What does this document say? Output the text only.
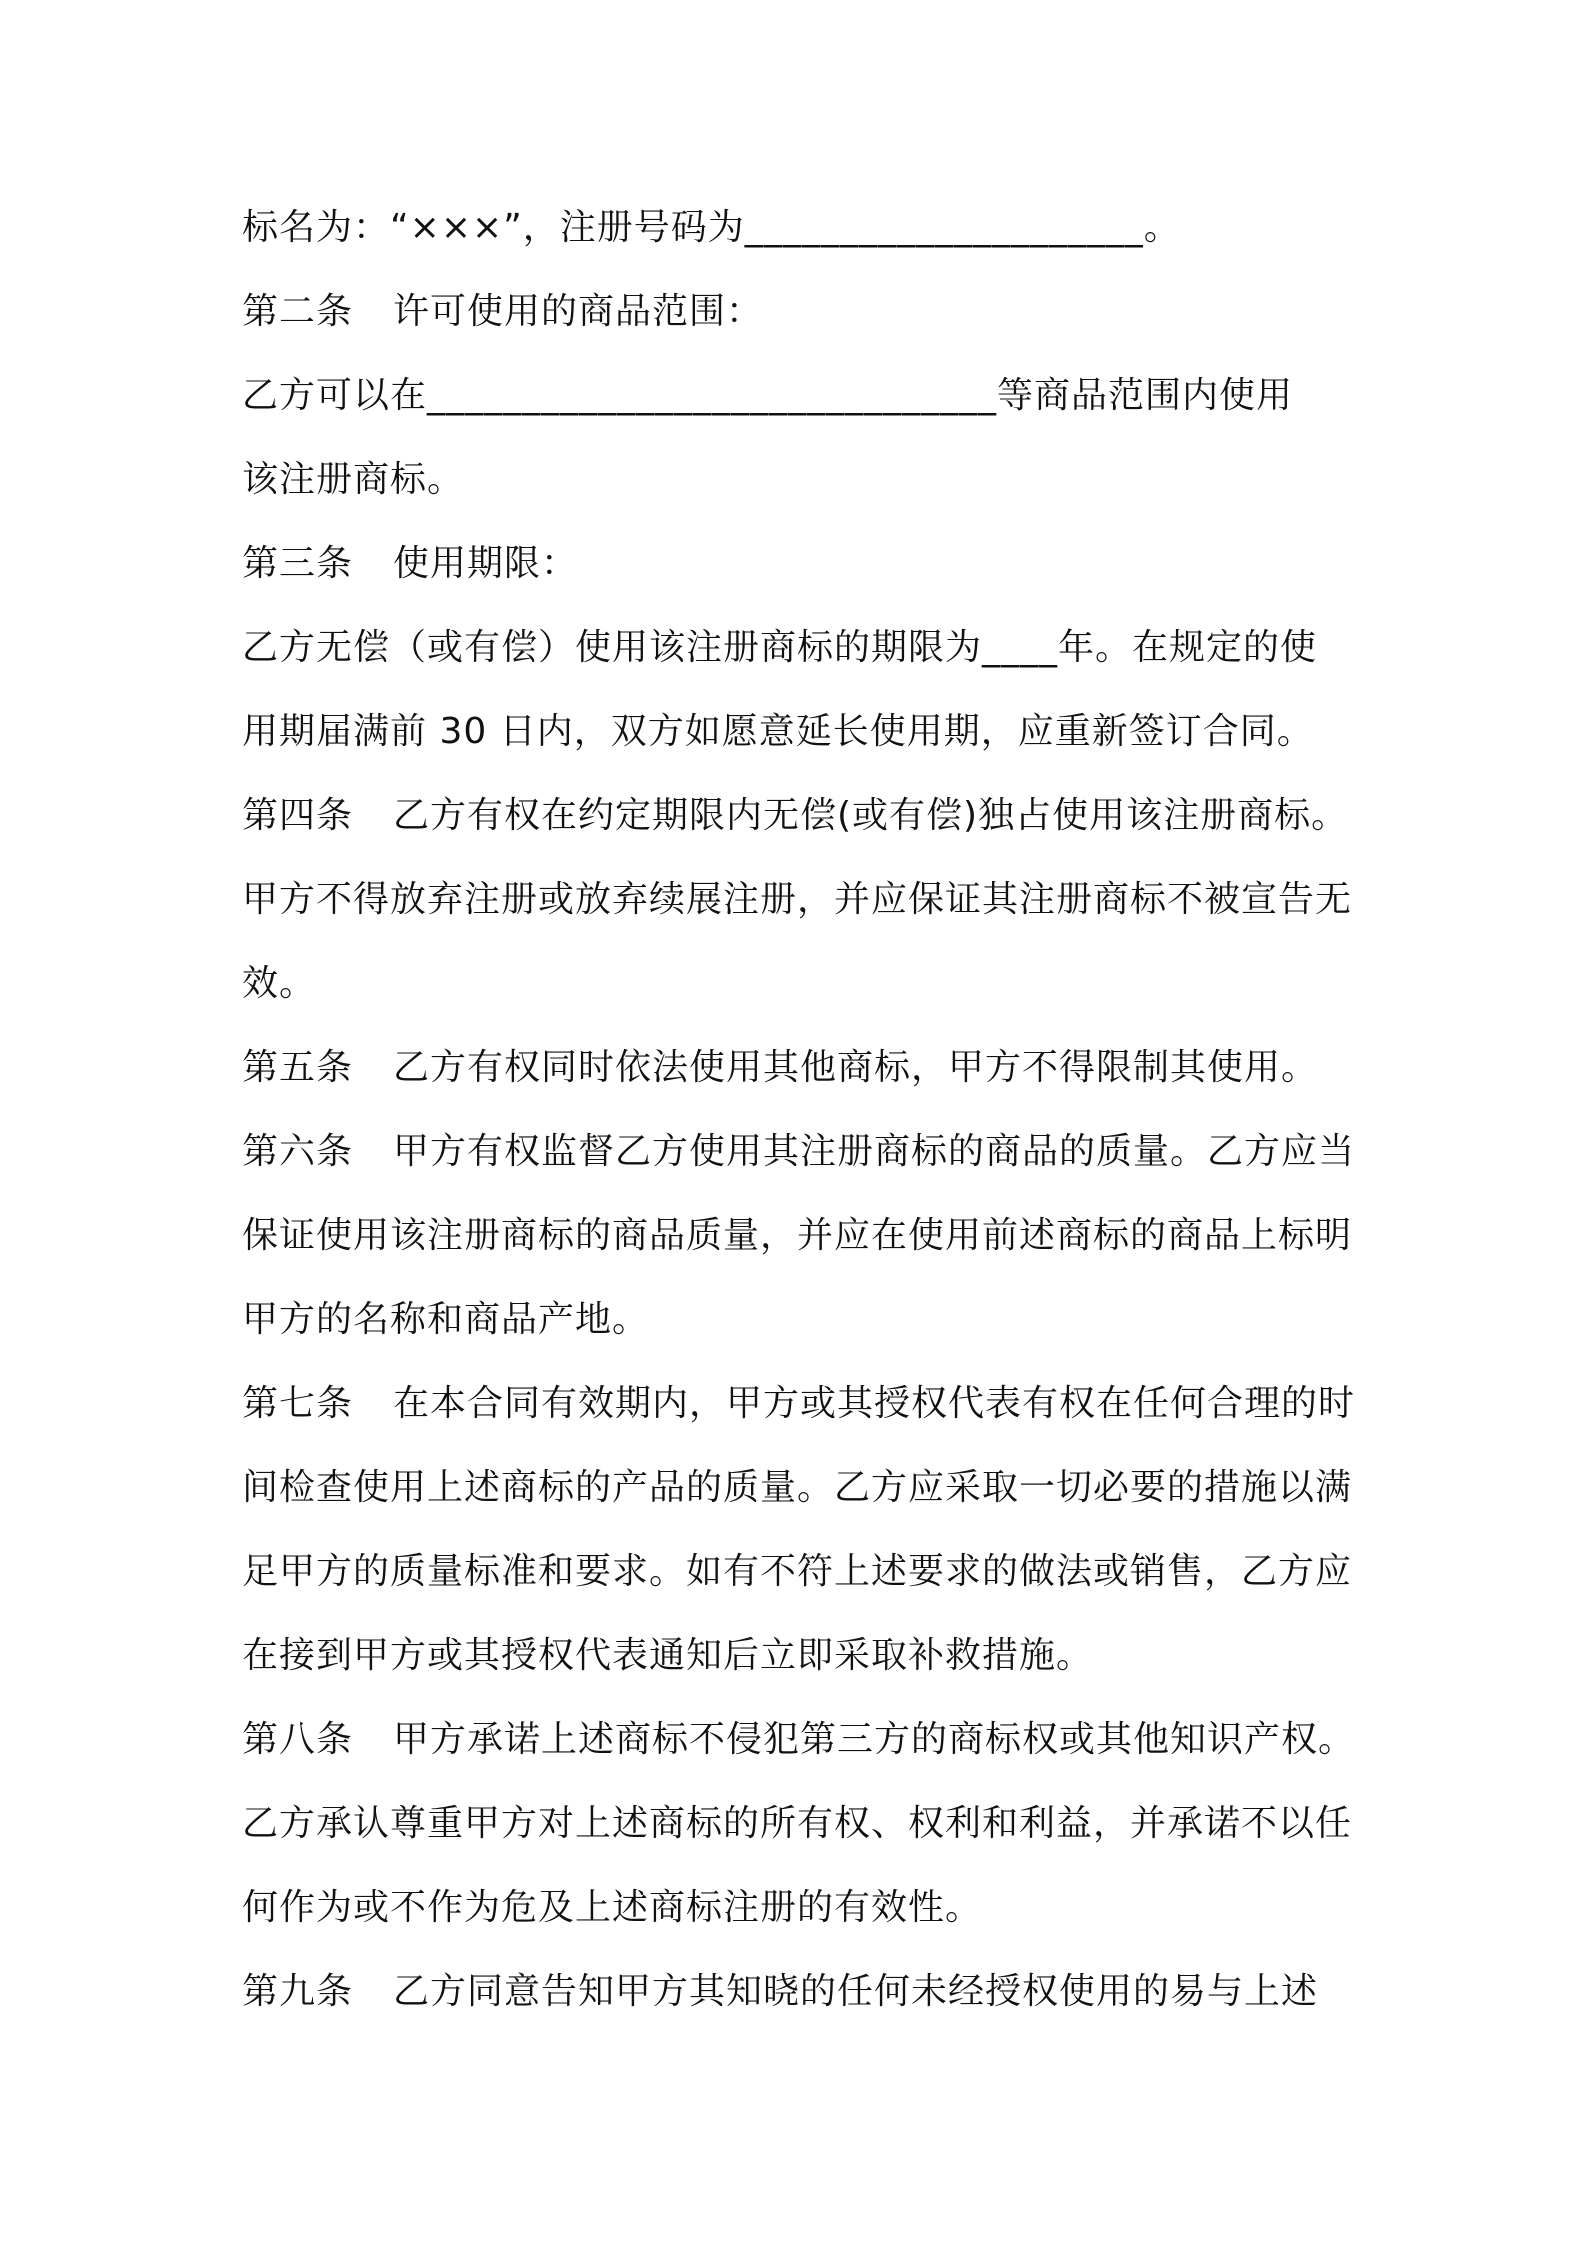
标名为：“×××”，注册号码为_____________________。
第二条 许可使用的商品范围：
乙方可以在______________________________等商品范围内使用
该注册商标。
第三条 使用期限：
乙方无偿（或有偿）使用该注册商标的期限为____年。在规定的使
用期届满前 30 日内，双方如愿意延长使用期，应重新签订合同。
第四条 乙方有权在约定期限内无偿(或有偿)独占使用该注册商标。
甲方不得放弃注册或放弃续展注册，并应保证其注册商标不被宣告无
效。
第五条 乙方有权同时依法使用其他商标，甲方不得限制其使用。
第六条 甲方有权监督乙方使用其注册商标的商品的质量。乙方应当
保证使用该注册商标的商品质量，并应在使用前述商标的商品上标明
甲方的名称和商品产地。
第七条 在本合同有效期内，甲方或其授权代表有权在任何合理的时
间检查使用上述商标的产品的质量。乙方应采取一切必要的措施以满
足甲方的质量标准和要求。如有不符上述要求的做法或销售，乙方应
在接到甲方或其授权代表通知后立即采取补救措施。
第八条 甲方承诺上述商标不侵犯第三方的商标权或其他知识产权。
乙方承认尊重甲方对上述商标的所有权、权利和利益，并承诺不以任
何作为或不作为危及上述商标注册的有效性。
第九条 乙方同意告知甲方其知晓的任何未经授权使用的易与上述
